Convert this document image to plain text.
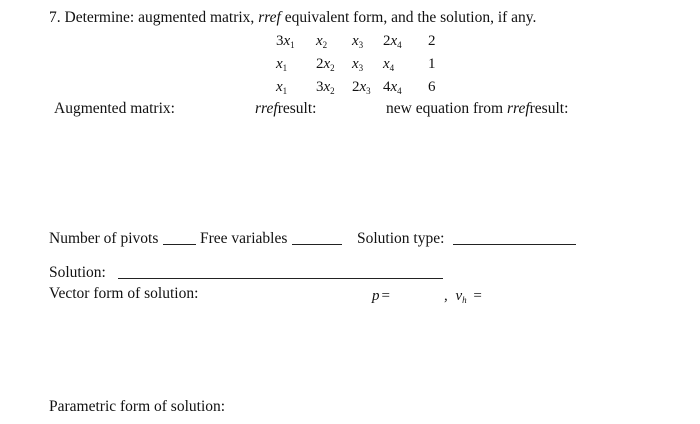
7. Determine: augmented matrix, rref equivalent form, and the solution, if any.
$3x_1$ $x_2$ $x_3$ $2x_4$ 2
$x_1$ $2x_2$ $x_3$ $x_4$ 1
$x_1$ $3x_2$ $2x_3$ $4x_4$ 6
Augmented matrix:	rrefresult:	new equation from rrefresult:
Number of pivots	Free variables	Solution type:
Solution:
Vector form of solution:	p =	, $v_h$ =
Parametric form of solution:
